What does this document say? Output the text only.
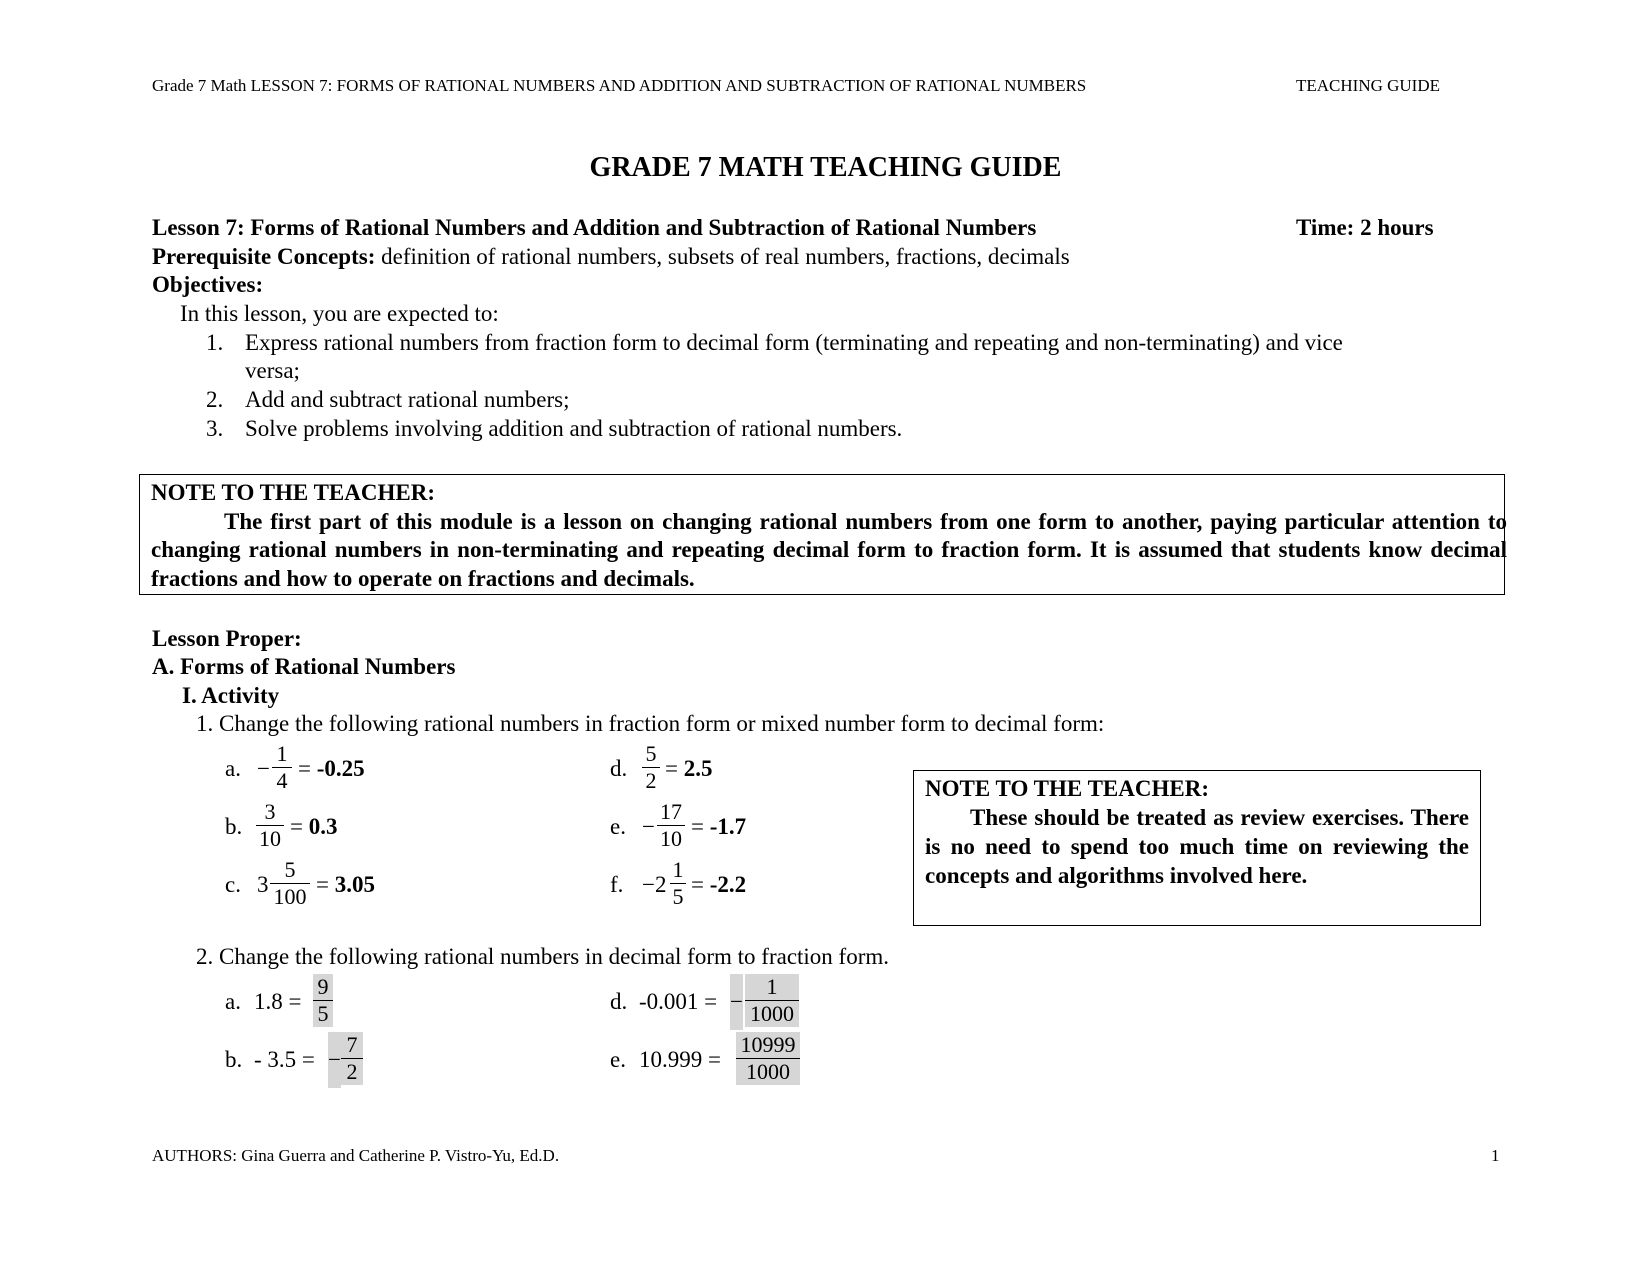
Grade 7 Math LESSON 7: FORMS OF RATIONAL NUMBERS AND ADDITION AND SUBTRACTION OF RATIONAL NUMBERS	TEACHING GUIDE
GRADE 7 MATH TEACHING GUIDE
Lesson 7: Forms of Rational Numbers and Addition and Subtraction of Rational Numbers	Time: 2 hours
Prerequisite Concepts: definition of rational numbers, subsets of real numbers, fractions, decimals
Objectives:
In this lesson, you are expected to:
1. Express rational numbers from fraction form to decimal form (terminating and repeating and non-terminating) and vice
versa;
2. Add and subtract rational numbers;
3. Solve problems involving addition and subtraction of rational numbers.
NOTE TO THE TEACHER:
The first part of this module is a lesson on changing rational numbers from one form to another, paying particular attention to changing rational numbers in non-terminating and repeating decimal form to fraction form. It is assumed that students know decimal fractions and how to operate on fractions and decimals.
Lesson Proper:
A. Forms of Rational Numbers
I. Activity
1. Change the following rational numbers in fraction form or mixed number form to decimal form:
a. − $\frac{1}{4} = -0.25$
b. $\frac{3}{10} = 0.3$
c. $3 \frac{5}{100} = 3.05$
d. $\frac{5}{2} = 2.5$
e. − $\frac{17}{10} = -1.7$
f. − $2 \frac{1}{5} = -2.2$
NOTE TO THE TEACHER:
These should be treated as review exercises. There is no need to spend too much time on reviewing the concepts and algorithms involved here.
2. Change the following rational numbers in decimal form to fraction form.
a. $1.8 = \frac{9}{5}$
b. - 3.5 = − $\frac{7}{2}$
d. -0.001 = − $\frac{1}{1000}$
e. $10.999 = \frac{10999}{1000}$
AUTHORS: Gina Guerra and Catherine P. Vistro-Yu, Ed.D.	1
